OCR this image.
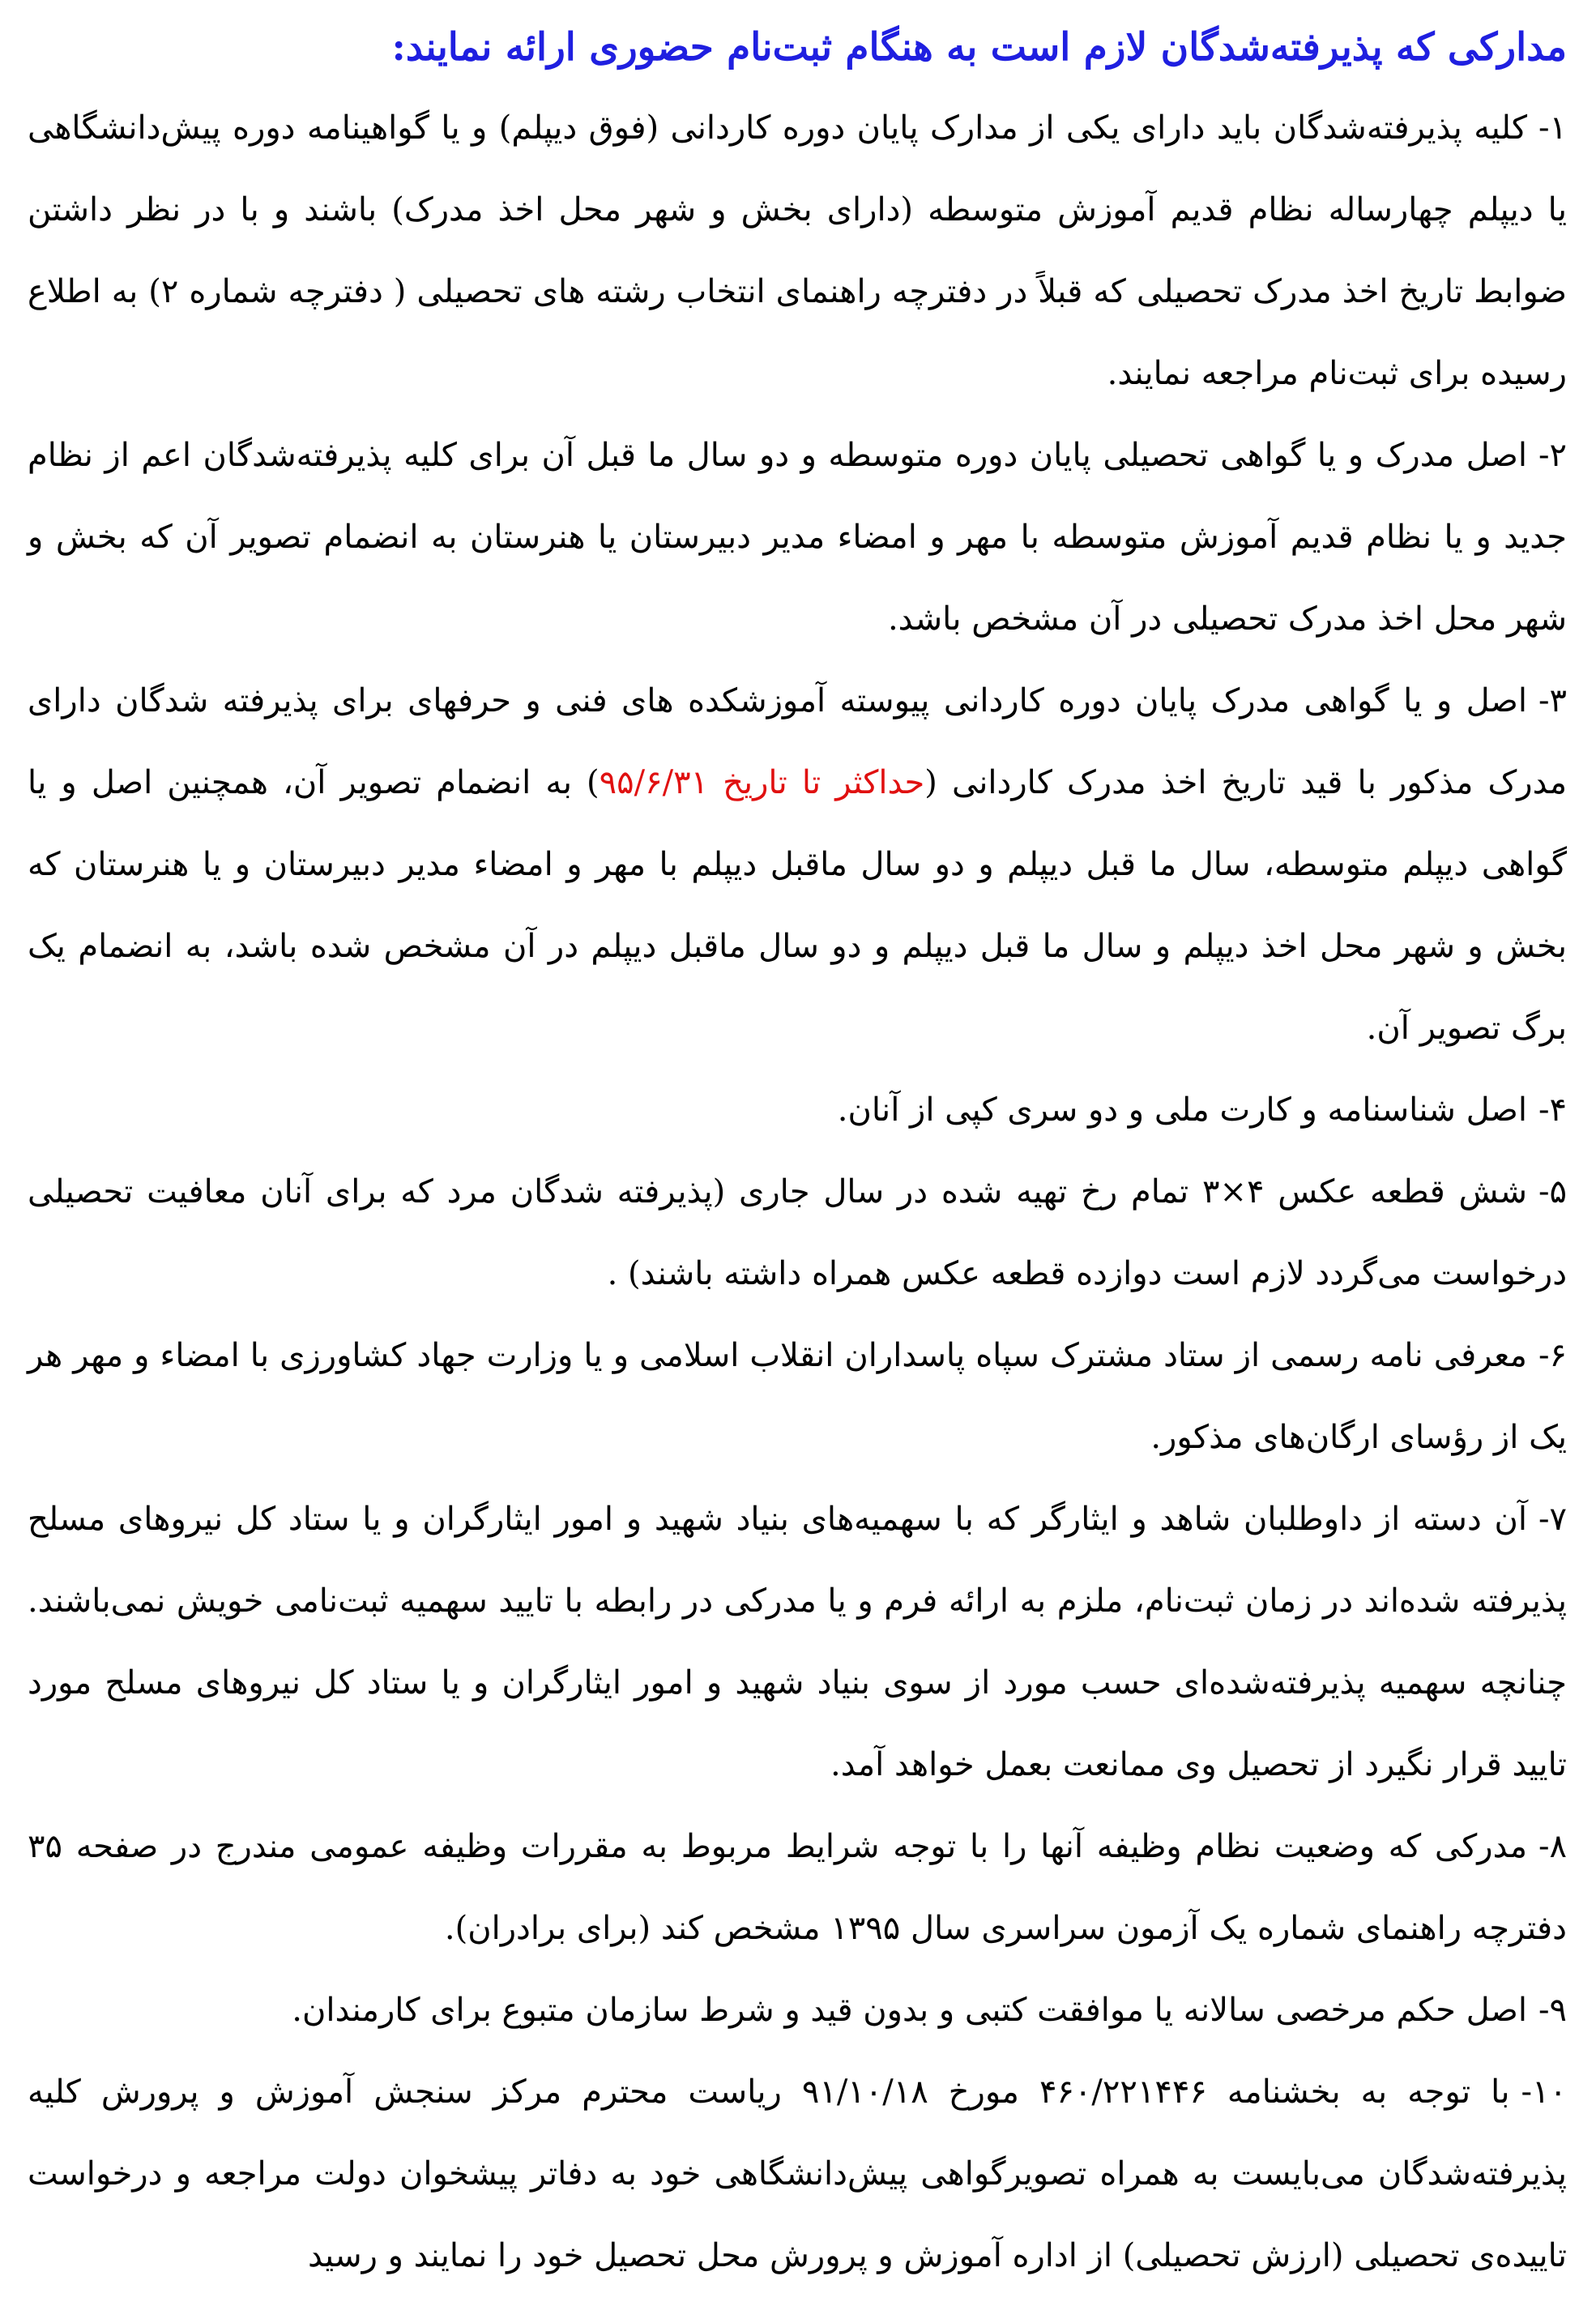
مدارکی که پذیرفته‌شدگان لازم است به هنگام ثبت‌نام حضوری ارائه نمایند:

۱-کلیه پذیرفته‌شدگان باید دارای یکی از مدارک پایان دوره کاردانی (فوق دیپلم) و یا گواهینامه دوره پیش‌دانشگاهی یا دیپلم چهارساله نظام قدیم آموزش متوسطه (دارای بخش و شهر محل اخذ مدرک) باشند و با در نظر داشتن ضوابط تاریخ اخذ مدرک تحصیلی که قبلاً در دفترچه راهنمای انتخاب رشته های تحصیلی ( دفترچه شماره ۲) به اطلاع رسیده برای ثبت‌نام مراجعه نمایند.

۲-اصل مدرک و یا گواهی تحصیلی پایان دوره متوسطه و دو سال ما قبل آن برای کلیه پذیرفته‌شدگان اعم از نظام جدید و یا نظام قدیم آموزش متوسطه با مهر و امضاء مدیر دبیرستان یا هنرستان به انضمام تصویر آن که بخش و شهر محل اخذ مدرک تحصیلی در آن مشخص باشد.

۳-اصل و یا گواهی مدرک پایان دوره کاردانی پیوسته آموزشکده های فنی و حرفهای برای پذیرفته شدگان دارای مدرک مذکور با قید تاریخ اخذ مدرک کاردانی (حداکثر تا تاریخ ۹۵/۶/۳۱) به انضمام تصویر آن، همچنین اصل و یا گواهی دیپلم متوسطه، سال ما قبل دیپلم و دو سال ماقبل دیپلم با مهر و امضاء مدیر دبیرستان و یا هنرستان که بخش و شهر محل اخذ دیپلم و سال ما قبل دیپلم و دو سال ماقبل دیپلم در آن مشخص شده باشد، به انضمام یک برگ تصویر آن.

۴-اصل شناسنامه و کارت ملی و دو سری کپی از آنان.

۵-شش قطعه عکس ۴×۳ تمام رخ تهیه شده در سال جاری (پذیرفته شدگان مرد که برای آنان معافیت تحصیلی درخواست می‌گردد لازم است دوازده قطعه عکس همراه داشته باشند) .

۶-معرفی نامه رسمی از ستاد مشترک سپاه پاسداران انقلاب اسلامی و یا وزارت جهاد کشاورزی با امضاء و مهر هر یک از رؤسای ارگان‌های مذکور.

۷-آن دسته از داوطلبان شاهد و ایثارگر که با سهمیه‌های بنیاد شهید و امور ایثارگران و یا ستاد کل نیروهای مسلح پذیرفته شده‌اند در زمان ثبت‌نام، ملزم به ارائه فرم و یا مدرکی در رابطه با تایید سهمیه ثبت‌نامی خویش نمی‌باشند. چنانچه سهمیه پذیرفته‌شده‌ای حسب مورد از سوی بنیاد شهید و امور ایثارگران و یا ستاد کل نیروهای مسلح مورد تایید قرار نگیرد از تحصیل وی ممانعت بعمل خواهد آمد.

۸-مدرکی که وضعیت نظام وظیفه آنها را با توجه شرایط مربوط به مقررات وظیفه عمومی مندرج در صفحه ۳۵ دفترچه راهنمای شماره یک آزمون سراسری سال ۱۳۹۵ مشخص کند (برای برادران).

۹-اصل حکم مرخصی سالانه یا موافقت کتبی و بدون قید و شرط سازمان متبوع برای کارمندان.

۱۰-با توجه به بخشنامه ۴۶۰/۲۲۱۴۴۶ مورخ ۹۱/۱۰/۱۸ ریاست محترم مرکز سنجش آموزش و پرورش کلیه پذیرفته‌شدگان می‌بایست به همراه تصویرگواهی پیش‌دانشگاهی خود به دفاتر پیشخوان دولت مراجعه و درخواست تاییده‌ی تحصیلی (ارزش تحصیلی) از اداره آموزش و پرورش محل تحصیل خود را نمایند و رسید
